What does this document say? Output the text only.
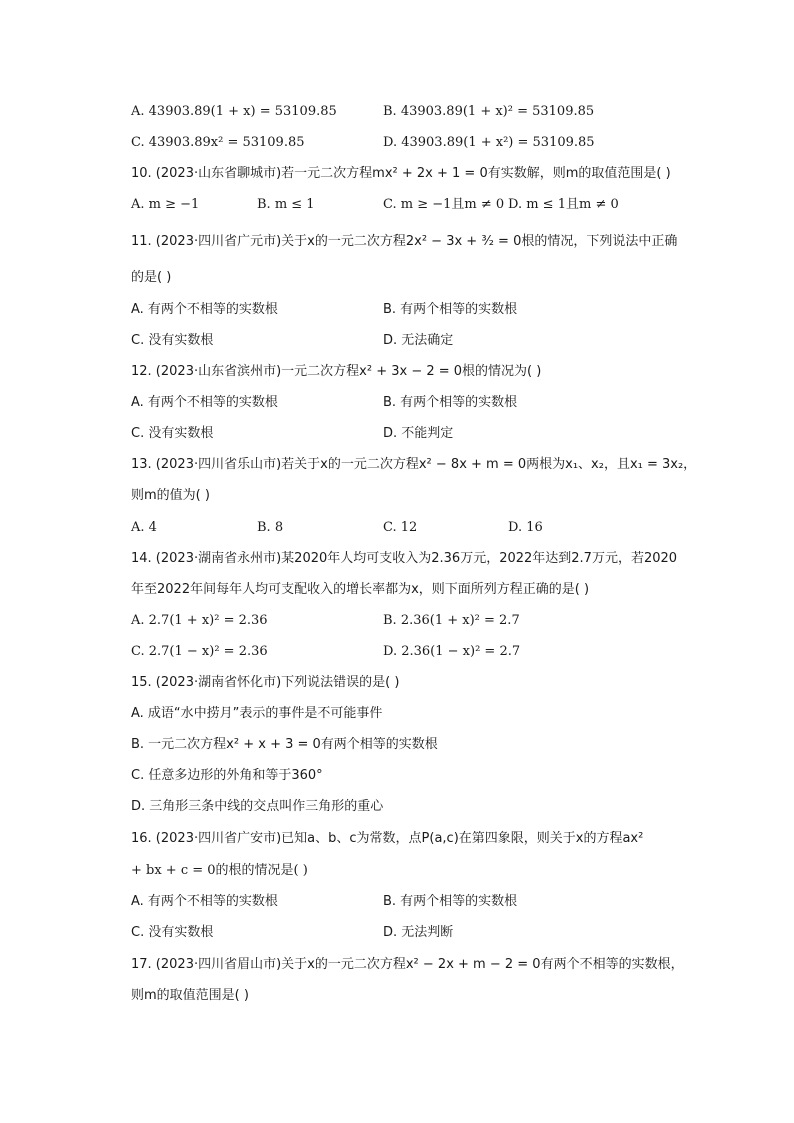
A. 43903.89(1 + x) = 53109.85	B. 43903.89(1 + x)² = 53109.85
C. 43903.89x² = 53109.85	D. 43903.89(1 + x²) = 53109.85
10. (2023·山东省聊城市)若一元二次方程mx² + 2x + 1 = 0有实数解，则m的取值范围是( )
A. m ≥ −1	B. m ≤ 1	C. m ≥ −1且m ≠ 0 D. m ≤ 1且m ≠ 0
11. (2023·四川省广元市)关于x的一元二次方程2x² − 3x + ³⁄₂ = 0根的情况，下列说法中正确
的是( )
A. 有两个不相等的实数根	B. 有两个相等的实数根
C. 没有实数根	D. 无法确定
12. (2023·山东省滨州市)一元二次方程x² + 3x − 2 = 0根的情况为( )
A. 有两个不相等的实数根	B. 有两个相等的实数根
C. 没有实数根	D. 不能判定
13. (2023·四川省乐山市)若关于x的一元二次方程x² − 8x + m = 0两根为x₁、x₂，且x₁ = 3x₂，
则m的值为( )
A. 4	B. 8	C. 12	D. 16
14. (2023·湖南省永州市)某2020年人均可支收入为2.36万元，2022年达到2.7万元，若2020
年至2022年间每年人均可支配收入的增长率都为x，则下面所列方程正确的是( )
A. 2.7(1 + x)² = 2.36	B. 2.36(1 + x)² = 2.7
C. 2.7(1 − x)² = 2.36	D. 2.36(1 − x)² = 2.7
15. (2023·湖南省怀化市)下列说法错误的是( )
A. 成语“水中捞月”表示的事件是不可能事件
B. 一元二次方程x² + x + 3 = 0有两个相等的实数根
C. 任意多边形的外角和等于360°
D. 三角形三条中线的交点叫作三角形的重心
16. (2023·四川省广安市)已知a、b、c为常数，点P(a,c)在第四象限，则关于x的方程ax²
+ bx + c = 0的根的情况是( )
A. 有两个不相等的实数根	B. 有两个相等的实数根
C. 没有实数根	D. 无法判断
17. (2023·四川省眉山市)关于x的一元二次方程x² − 2x + m − 2 = 0有两个不相等的实数根，
则m的取值范围是( )
